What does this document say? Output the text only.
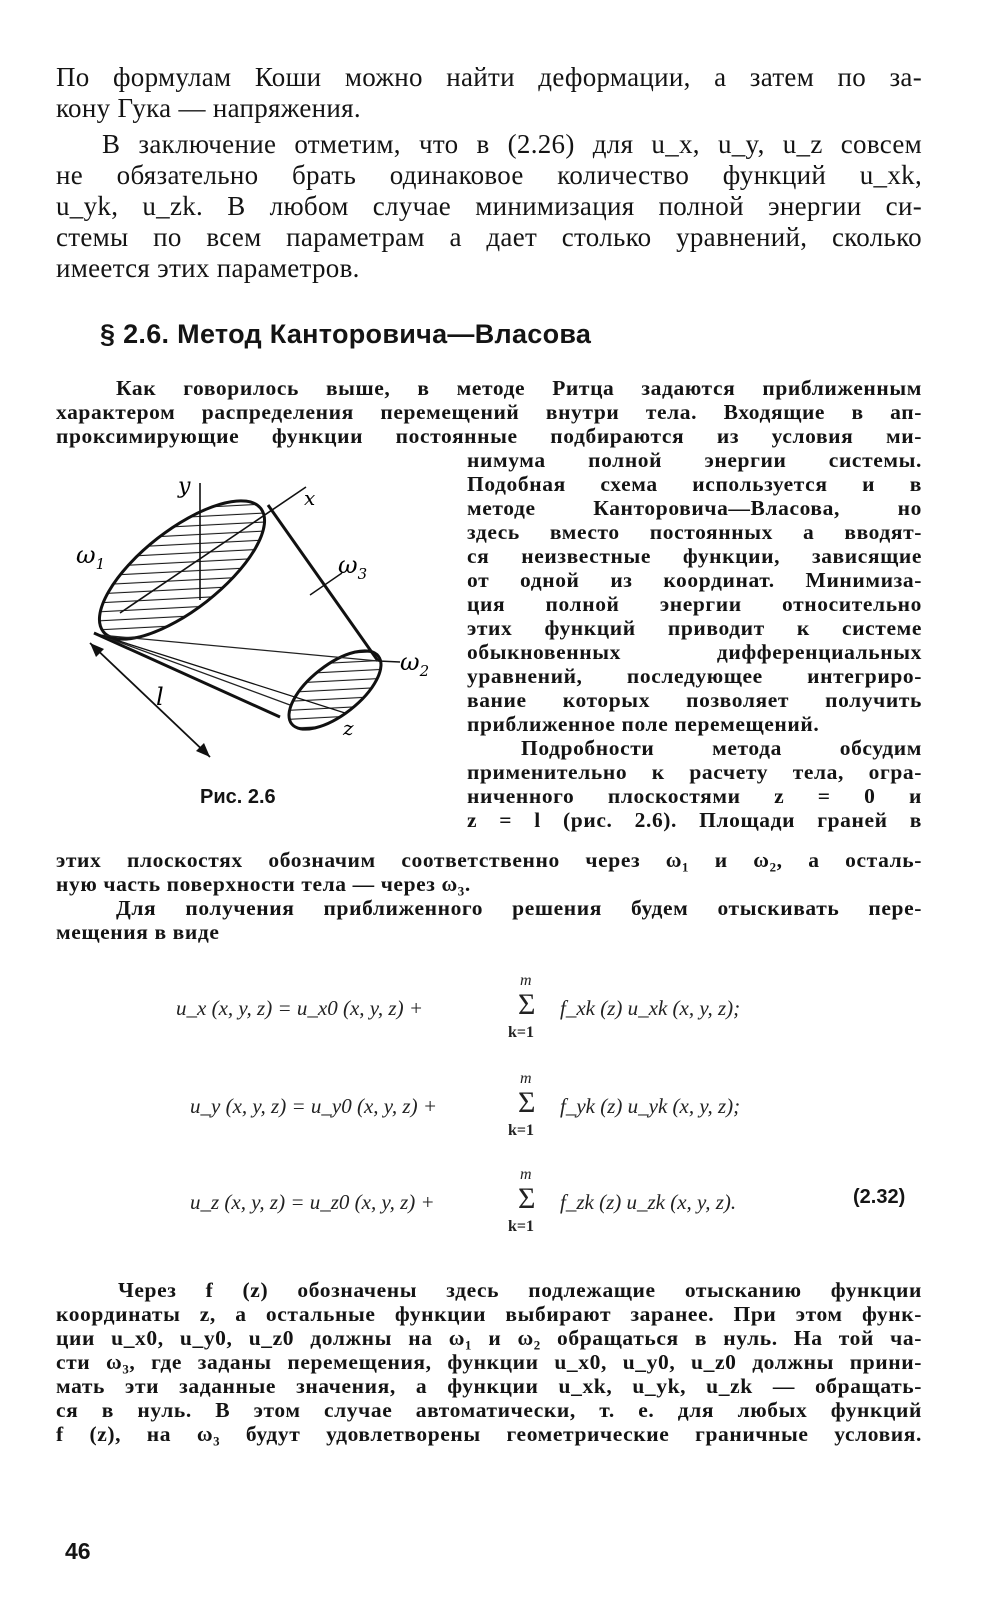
По формулам Коши можно найти деформации, а затем по за-
кону Гука — напряжения.

В заключение отметим, что в (2.26) для u_x, u_y, u_z совсем
не обязательно брать одинаковое количество функций u_xk,
u_yk, u_zk. В любом случае минимизация полной энергии си-
стемы по всем параметрам a дает столько уравнений, сколько
имеется этих параметров.

§ 2.6. Метод Канторовича—Власова

Как говорилось выше, в методе Ритца задаются приближенным
характером распределения перемещений внутри тела. Входящие в ап-
проксимирующие функции постоянные подбираются из условия ми-

нимума полной энергии системы.
Подобная схема используется и в
методе Канторовича—Власова, но
здесь вместо постоянных a вводят-
ся неизвестные функции, зависящие
от одной из координат. Минимиза-
ция полной энергии относительно
этих функций приводит к системе
обыкновенных дифференциальных
уравнений, последующее интегриро-
вание которых позволяет получить
приближенное поле перемещений.
Подробности метода обсудим
применительно к расчету тела, огра-
ниченного плоскостями z = 0 и
z = l (рис. 2.6). Площади граней в

этих плоскостях обозначим соответственно через ω₁ и ω₂, а осталь-
ную часть поверхности тела — через ω₃.

Для получения приближенного решения будем отыскивать пере-
мещения в виде

y	x
z
l
$\omega_1$
$\omega_2$
$\omega_3$
Рис. 2.6
u_x (x, y, z) = u_x0 (x, y, z) +
m
Σ
k=1
f_xk (z) u_xk (x, y, z);
u_y (x, y, z) = u_y0 (x, y, z) +
m
Σ
k=1
f_yk (z) u_yk (x, y, z);
u_z (x, y, z) = u_z0 (x, y, z) +
m
Σ
k=1
f_zk (z) u_zk (x, y, z).	(2.32)

Через f (z) обозначены здесь подлежащие отысканию функции
координаты z, а остальные функции выбирают заранее. При этом функ-
ции u_x0, u_y0, u_z0 должны на ω₁ и ω₂ обращаться в нуль. На той ча-
сти ω₃, где заданы перемещения, функции u_x0, u_y0, u_z0 должны прини-
мать эти заданные значения, а функции u_xk, u_yk, u_zk — обращать-
ся в нуль. В этом случае автоматически, т. е. для любых функций
f (z), на ω₃ будут удовлетворены геометрические граничные условия.

46
